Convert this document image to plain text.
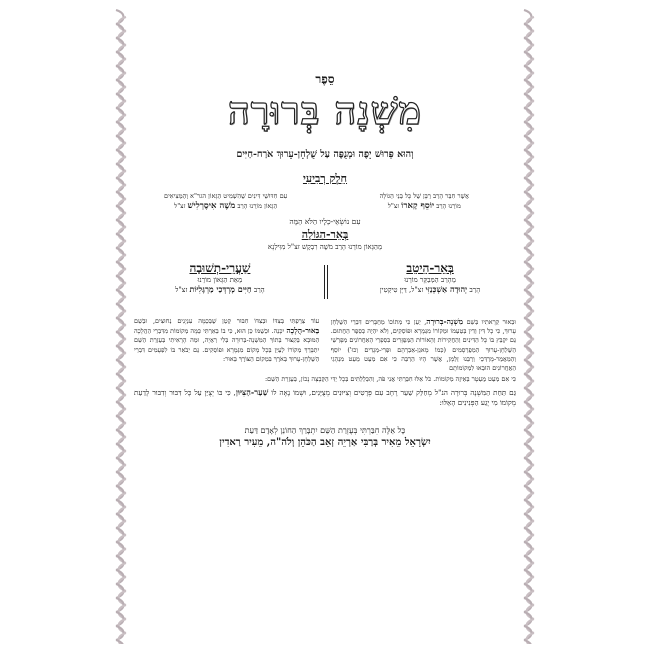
סֵפֶר
מִשְׁנָה בְּרוּרָה
וְהוּא פֵּרוּשׁ יָפֶה וּמְנֻפֶּה עַל שֻׁלְחָן-עָרוּךְ אֹרַח-חַיִּים
חֵלֶק רְבִיעִי
אֲשֶׁר חִבֵּר הָרַב רַבָּן שֶׁל כָּל בְּנֵי הַגּוֹלָה
מוֹרֵנוּ הָרַב יוֹסֵף קָארוֹ זצ"ל
עִם חִדּוּשֵׁי דִּינִים שֶׁהִשְׁמִיט הַגָּאוֹן הגר"א וְהַמְּצִיאִים
הַגָּאוֹן מוֹרֵנוּ הָרַב מֹשֶׁה אִיסֶרְלִישׁ זצ"ל
עִם נוֹשְׂאֵי-כֵלָיו הַלֹּא הֵמָּה
בְּאֵר-הַגּוֹלָה
מֵהַגָּאוֹן מוֹרֵנוּ הָרַב מֹשֶׁה רִבְקֶשׁ זצ"ל מִוִּילְנָא
בְּאֵר-הֵיטֵב
מֵהָרַב הַמְּבַקֵּר מוֹרֵנוּ
הָרַב יְהוּדָה אַשְׁכְּנַזִּי זצ"ל, דַּיָּן טִיקְטִין
שַׁעֲרֵי-תְשׁוּבָה
מֵאֵת הַגָּאוֹן מוֹרֵנוּ
הָרַב חַיִּים מָרְדְּכַי מַרְגָּלִיּוֹת זצ"ל
וּבֵאוּר קְרָאתִיו בְּשֵׁם מִשְׁנָה-בְּרוּרָה, יַעַן כִּי מְתוֹכוֹ מְחֻבָּרִים דִּבְרֵי הַשֻּׁלְחָן עָרוּךְ, כִּי כָל דִּין וְדִין בְּטַעְמוֹ וּמְקוֹרוֹ מִגְּמָרָא וּפוֹסְקִים, וְלֹא יִהְיֶה כְּסֵפֶר הַחֲתוּם. גַּם יִקְבַּץ בּוֹ כָּל הַדִּינִים וְהַחֲקִירוֹת וְהָאוֹרוֹת הַמְּפֻזָּרִים בִּסְפָרֵי הָאַחֲרוֹנִים מְפָרְשֵׁי הַשֻּׁלְחָן-עָרוּךְ הַמְפֻרְסָמִים (כְּמוֹ מָאגֵן-אַבְרָהָם וּפְרִי-מְגָדִים וְכוּ') יוֹסֵף וְהַמַּאֲמַר-מָרְדְּכַי וְרַבֵּנוּ זַלְמָן, אֲשֶׁר הָיוּ הַרְבֵּה כִּי אִם מְעַט מְעַט מִנְהָגֵי הַאֲחֲרוֹנִים הוּבְאוּ לִמְקוֹמוֹתָם
עוֹד צֵרַפְתִּי בְּצִדּוֹ וּבְצִדּוֹ חִבּוּר קְטַן שֶׁבְּכַמָּה עִנְיָנִים נְחוּצִים, וּבְשֵׁם בֵּאוּר-הֲלָכָה יִכָּנֵה. וּכְשֶׁמּוֹ כֵּן הוּא, כִּי בוֹ בֵאַרְתִּי כַּמָּה מְקוֹמוֹת מִדִּבְרֵי הַהֲלָכָה הַמּוּבָא בְּקִצּוּר בְּתוֹךְ הַמִּשְׁנָה-בְּרוּרָה בְּלִי רְאָיָה, וּמַה הָרָאִיתִי בְּעֶזְרַת הַשֵּׁם יִתְבָּרַךְ מְקוֹרוֹ לְעַיֵּן בְּכָל מָקוֹם מִגְּמָרָא וּפוֹסְקִים. גַּם יְבֹאַר בּוֹ לִפְעָמִים דִּבְרֵי הַשֻּׁלְחָן-עָרוּךְ בְּאֹרֶךְ בִּמְקוֹם הַצּוֹרֶךְ בֵּאוּר:
כִּי אִם מְעַט מֻעְטָר בְּאֵיזֶה מְקוֹמוֹת. כֹּל אֵלּוּ חִבַּרְתִּי אֲנִי פֹּה, וְהִכְּלַלְתִּים בְּכָל יַדִּי הַקְּבָצָה נָכוֹן, בְּעֶזְרַת הַשֵּׁם:
גַּם תַּחַת הַמִּשְׁנָה בְּרוּרָה הנ"ל מְחַלֵּק שַׁעַר רָחָב עִם פְּרָטִים וְצִיּוּנִים מְצֻיָּנִים, וּשְׁמוֹ נָאֶה לוֹ שַׁעַר-הַצִּיּוּן, כִּי בּוֹ יְצֻיַּן עַל כָּל דִּבּוּר וְדִבּוּר לָדַעַת מְקוֹמוֹ מִי יָגַע הַפְּנִינִים הָאֵלּוּ:
כָּל אֵלֶּה חִבַּרְתִּי בְּעֶזְרַת הַשֵּׁם יִתְבָּרַךְ הַחוֹנֵן לְאָדָם דַּעַת
יִשְׂרָאֵל מֵאִיר בְּרַבִּי אַרְיֵה זְאֵב הַכֹּהֵן וְלֹה"ה, מֵעִיר רַאדִין
